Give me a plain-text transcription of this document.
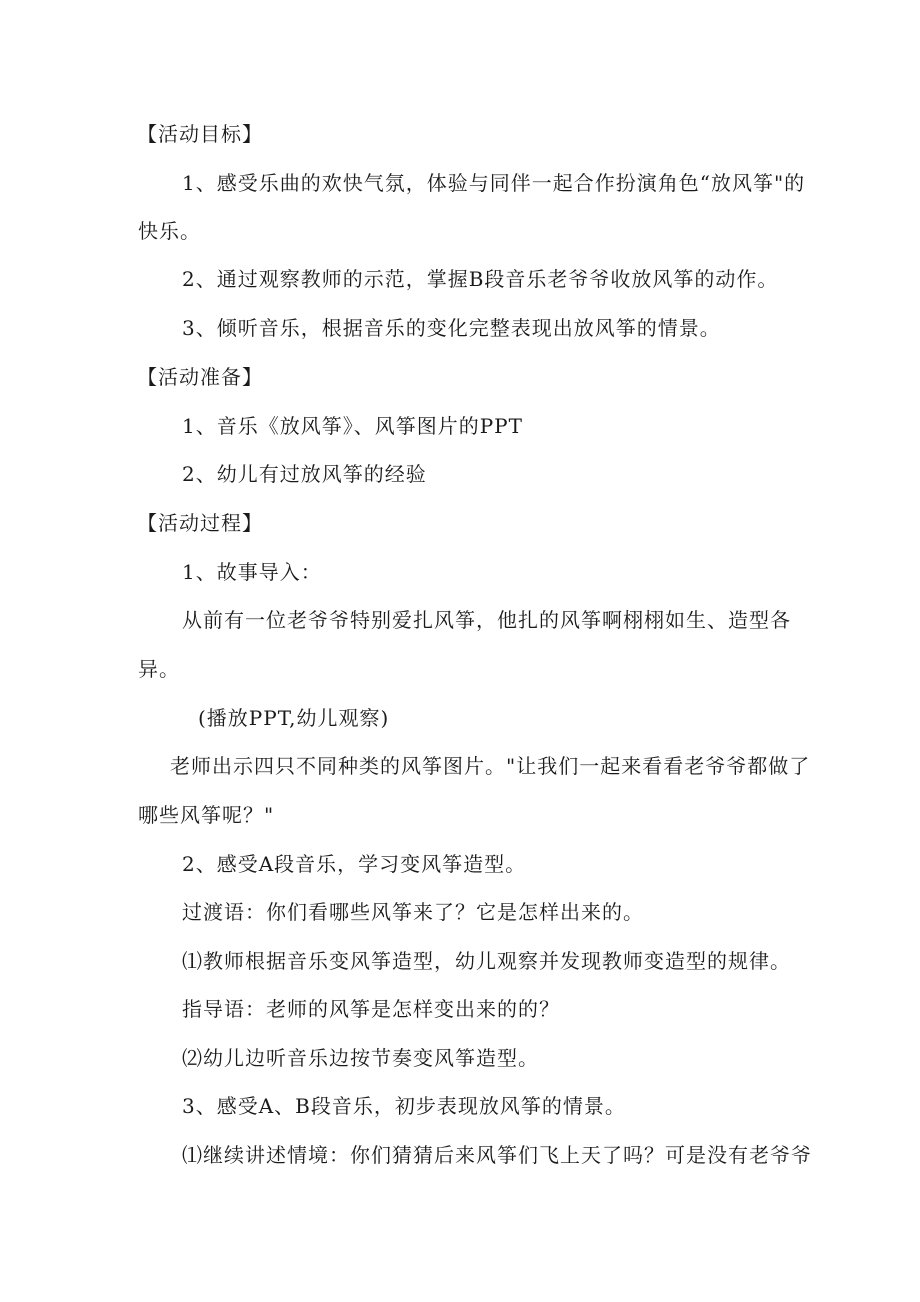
【活动目标】
1、感受乐曲的欢快气氛，体验与同伴一起合作扮演角色“放风筝"的
快乐。
2、通过观察教师的示范，掌握B段音乐老爷爷收放风筝的动作。
3、倾听音乐，根据音乐的变化完整表现出放风筝的情景。
【活动准备】
1、音乐《放风筝》、风筝图片的PPT
2、幼儿有过放风筝的经验
【活动过程】
1、故事导入：
从前有一位老爷爷特别爱扎风筝，他扎的风筝啊栩栩如生、造型各
异。
(播放PPT,幼儿观察)
老师出示四只不同种类的风筝图片。"让我们一起来看看老爷爷都做了
哪些风筝呢？"
2、感受A段音乐，学习变风筝造型。
过渡语：你们看哪些风筝来了？它是怎样出来的。
⑴教师根据音乐变风筝造型，幼儿观察并发现教师变造型的规律。
指导语：老师的风筝是怎样变出来的的？
⑵幼儿边听音乐边按节奏变风筝造型。
3、感受A、B段音乐，初步表现放风筝的情景。
⑴继续讲述情境：你们猜猜后来风筝们飞上天了吗？可是没有老爷爷
